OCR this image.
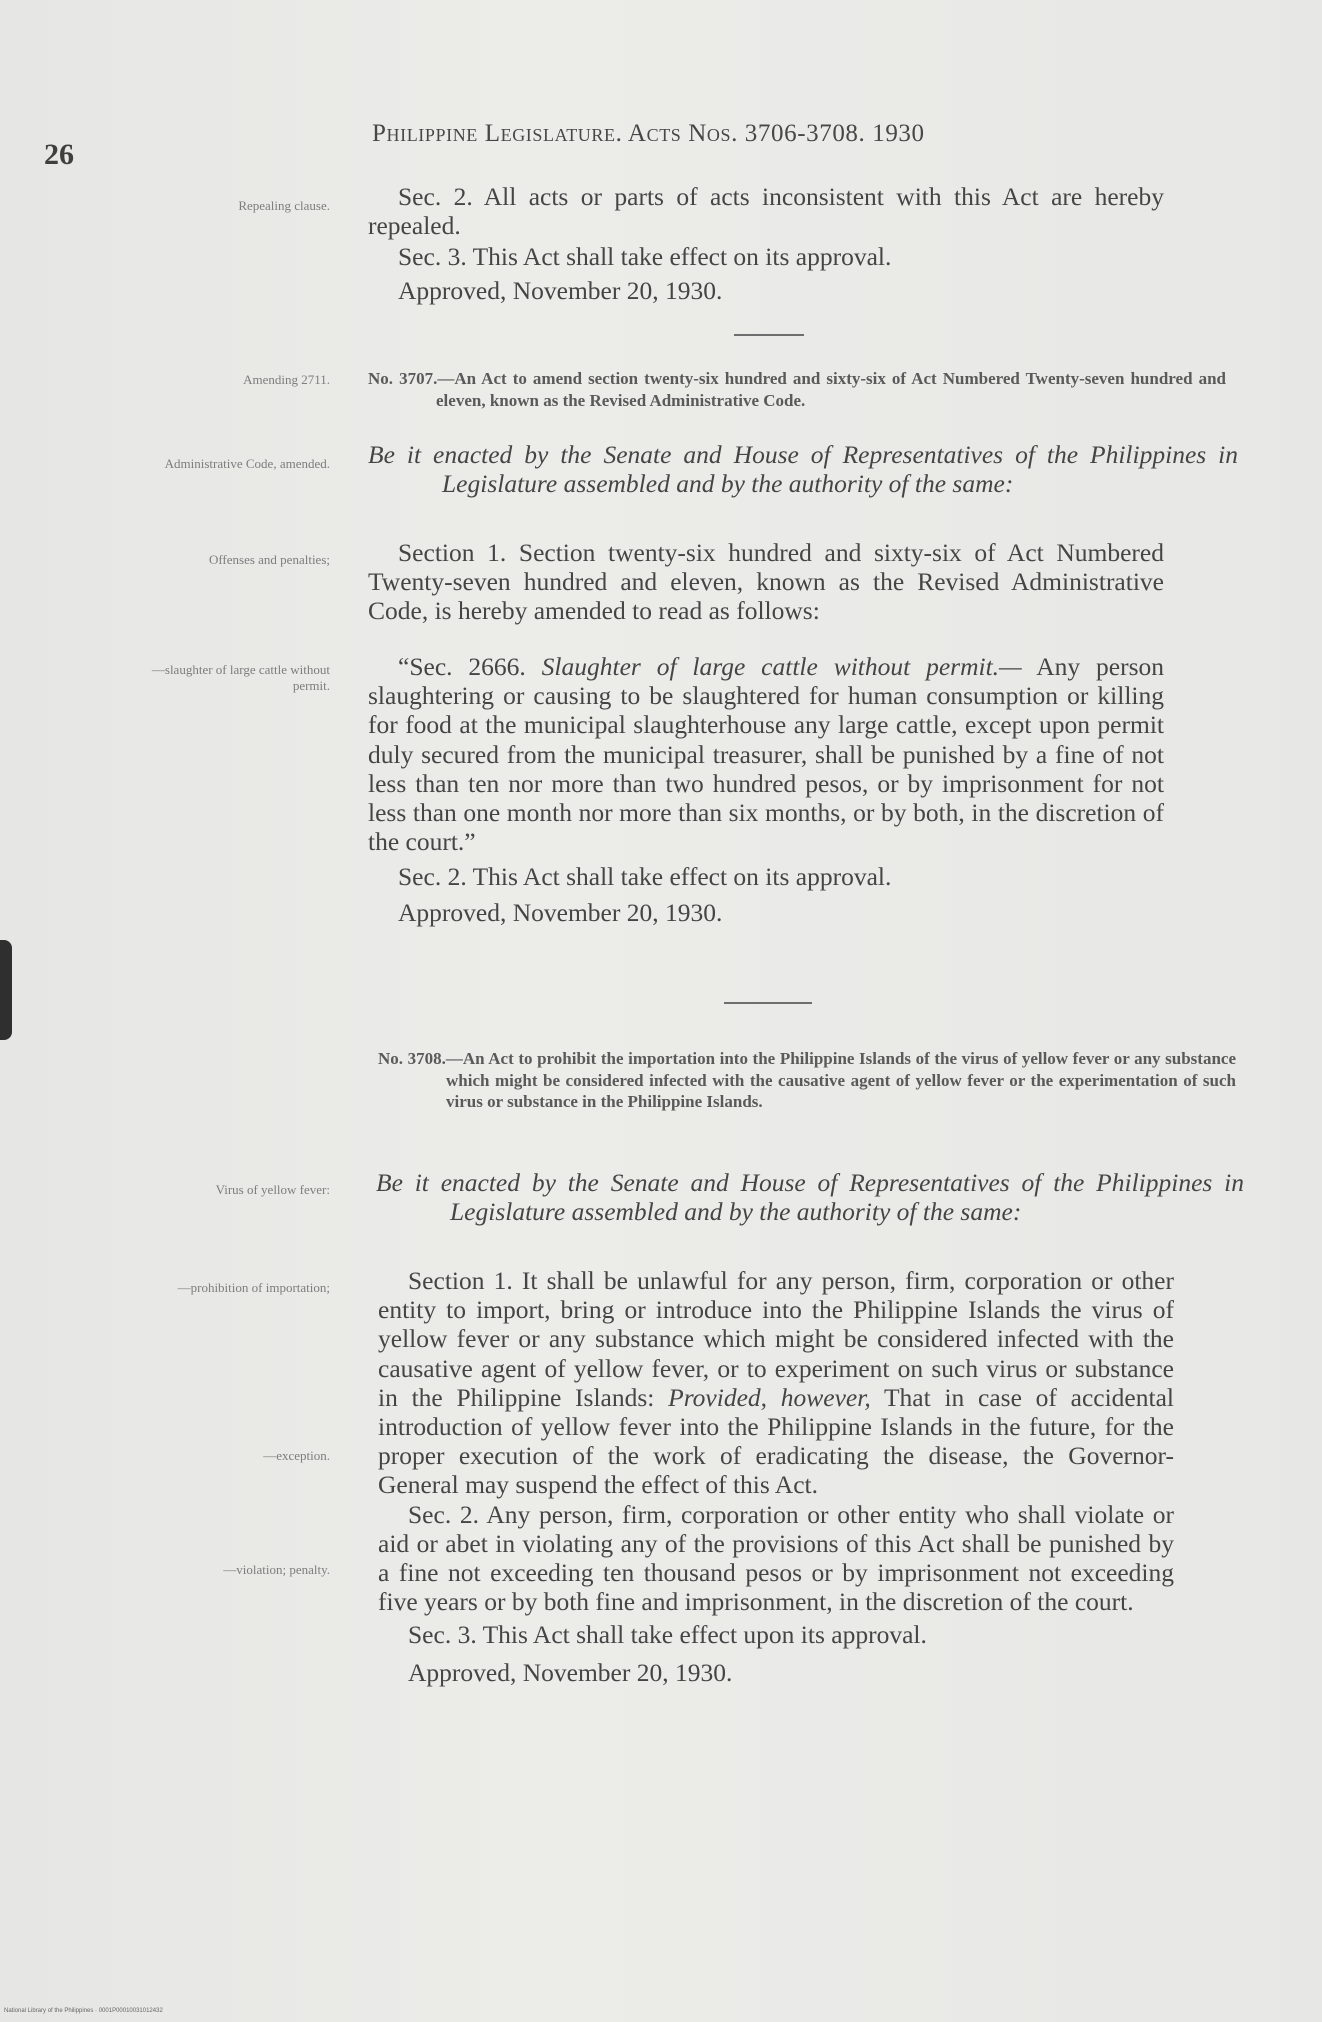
26
Philippine Legislature. Acts Nos. 3706-3708. 1930
Repealing clause.	Sec. 2. All acts or parts of acts inconsistent with this Act are hereby repealed.

Sec. 3. This Act shall take effect on its approval.

Approved, November 20, 1930.

Amending 2711. No. 3707.—An Act to amend section twenty-six hundred and sixty-six of Act Numbered Twenty-seven hundred and eleven, known as the Revised Administrative Code.
Administrative Code, amended. Be it enacted by the Senate and House of Representatives of the Philippines in Legislature assembled and by the authority of the same:
Offenses and penalties;	Section 1. Section twenty-six hundred and sixty-six of Act Numbered Twenty-seven hundred and eleven, known as the Revised Administrative Code, is hereby amended to read as follows:

—slaughter of large cattle without permit.

“Sec. 2666. Slaughter of large cattle without permit.— Any person slaughtering or causing to be slaughtered for human consumption or killing for food at the municipal slaughterhouse any large cattle, except upon permit duly secured from the municipal treasurer, shall be punished by a fine of not less than ten nor more than two hundred pesos, or by imprisonment for not less than one month nor more than six months, or by both, in the discretion of the court.”

Sec. 2. This Act shall take effect on its approval.

Approved, November 20, 1930.

No. 3708.—An Act to prohibit the importation into the Philippine Islands of the virus of yellow fever or any substance which might be considered infected with the causative agent of yellow fever or the experimentation of such virus or substance in the Philippine Islands.
Virus of yellow fever: Be it enacted by the Senate and House of Representatives of the Philippines in Legislature assembled and by the authority of the same:
—prohibition of importation;
—exception.
—violation; penalty.

Section 1. It shall be unlawful for any person, firm, corporation or other entity to import, bring or introduce into the Philippine Islands the virus of yellow fever or any substance which might be considered infected with the causative agent of yellow fever, or to experiment on such virus or substance in the Philippine Islands: Provided, however, That in case of accidental introduction of yellow fever into the Philippine Islands in the future, for the proper execution of the work of eradicating the disease, the Governor-General may suspend the effect of this Act.

Sec. 2. Any person, firm, corporation or other entity who shall violate or aid or abet in violating any of the provisions of this Act shall be punished by a fine not exceeding ten thousand pesos or by imprisonment not exceeding five years or by both fine and imprisonment, in the discretion of the court.

Sec. 3. This Act shall take effect upon its approval.

Approved, November 20, 1930.

National Library of the Philippines · 0001P00010031012432
